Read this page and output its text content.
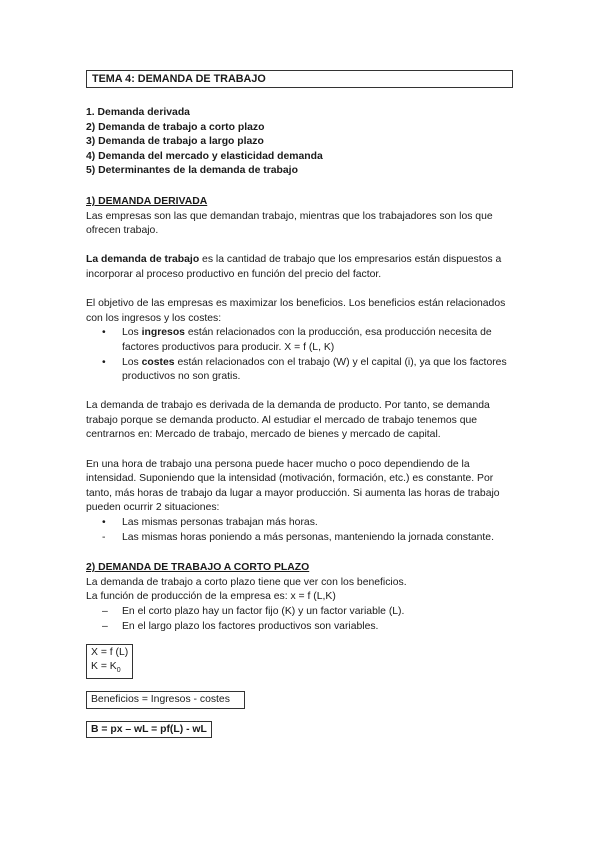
TEMA 4: DEMANDA DE TRABAJO
1. Demanda derivada
2) Demanda de trabajo a corto plazo
3) Demanda de trabajo a largo plazo
4) Demanda del mercado y elasticidad demanda
5) Determinantes de la demanda de trabajo
1) DEMANDA DERIVADA

Las empresas son las que demandan trabajo, mientras que los trabajadores son los que ofrecen trabajo.

La demanda de trabajo es la cantidad de trabajo que los empresarios están dispuestos a incorporar al proceso productivo en función del precio del factor.

El objetivo de las empresas es maximizar los beneficios. Los beneficios están relacionados con los ingresos y los costes:

• Los ingresos están relacionados con la producción, esa producción necesita de factores productivos para producir. X = f (L, K)
• Los costes están relacionados con el trabajo (W) y el capital (i), ya que los factores productivos no son gratis.

La demanda de trabajo es derivada de la demanda de producto. Por tanto, se demanda trabajo porque se demanda producto. Al estudiar el mercado de trabajo tenemos que centrarnos en: Mercado de trabajo, mercado de bienes y mercado de capital.

En una hora de trabajo una persona puede hacer mucho o poco dependiendo de la intensidad. Suponiendo que la intensidad (motivación, formación, etc.) es constante. Por tanto, más horas de trabajo da lugar a mayor producción. Si aumenta las horas de trabajo pueden ocurrir 2 situaciones:

• Las mismas personas trabajan más horas.
- Las mismas horas poniendo a más personas, manteniendo la jornada constante.
2) DEMANDA DE TRABAJO A CORTO PLAZO

La demanda de trabajo a corto plazo tiene que ver con los beneficios.

La función de producción de la empresa es: x = f (L,K)

– En el corto plazo hay un factor fijo (K) y un factor variable (L).
– En el largo plazo los factores productivos son variables.
X = f (L)
$K = K_0$
Beneficios = Ingresos - costes
B = px – wL = pf(L) - wL
